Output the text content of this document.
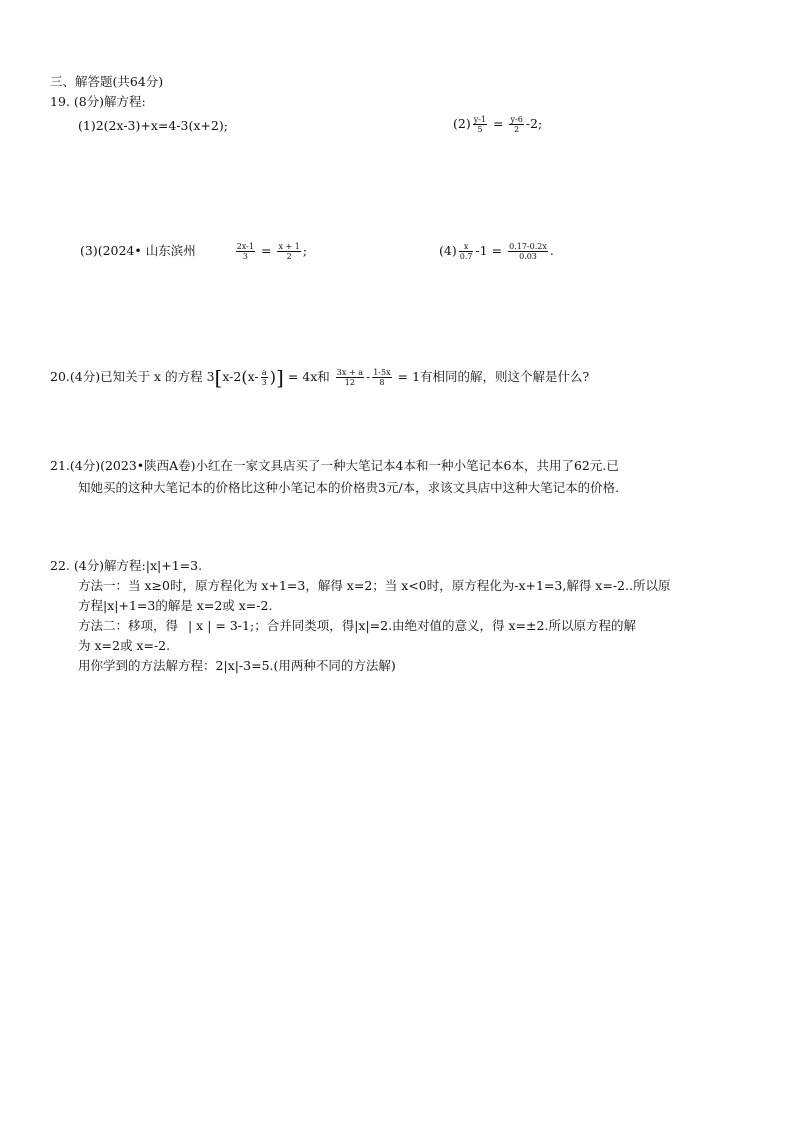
三、解答题(共64分)
19. (8分)解方程:
(1)2(2x-3)+x=4-3(x+2);	$(2) \frac{y-1}{5} = \frac{y-6}{2} -2$;
(3)(2024• 山东滨州	$\frac{2x-1}{3} = \frac{x + 1}{2}$ ;	$(4) \frac{x}{0.7} -1 = \frac{0.17-0.2x}{0.03}$ .
20.(4分)已知关于 x 的方程 $3[x-2(x- \frac{a}{3}$ )] = 4x和 $\frac{3x + a}{12} - \frac{1-5x}{8} = 1$有相同的解，则这个解是什么?
21.(4分)(2023•陕西A卷)小红在一家文具店买了一种大笔记本4本和一种小笔记本6本，共用了62元.已
知她买的这种大笔记本的价格比这种小笔记本的价格贵3元/本，求该文具店中这种大笔记本的价格.
22. (4分)解方程:|x|+1=3.
方法一：当 x≥0时，原方程化为 x+1=3，解得 x=2；当 x<0时，原方程化为-x+1=3,解得 x=-2..所以原
方程|x|+1=3的解是 x=2或 x=-2.
方法二：移项，得 | x | = 3-1;；合并同类项，得|x|=2.由绝对值的意义，得 x=±2.所以原方程的解
为 x=2或 x=-2.
用你学到的方法解方程：2|x|-3=5.(用两种不同的方法解)
